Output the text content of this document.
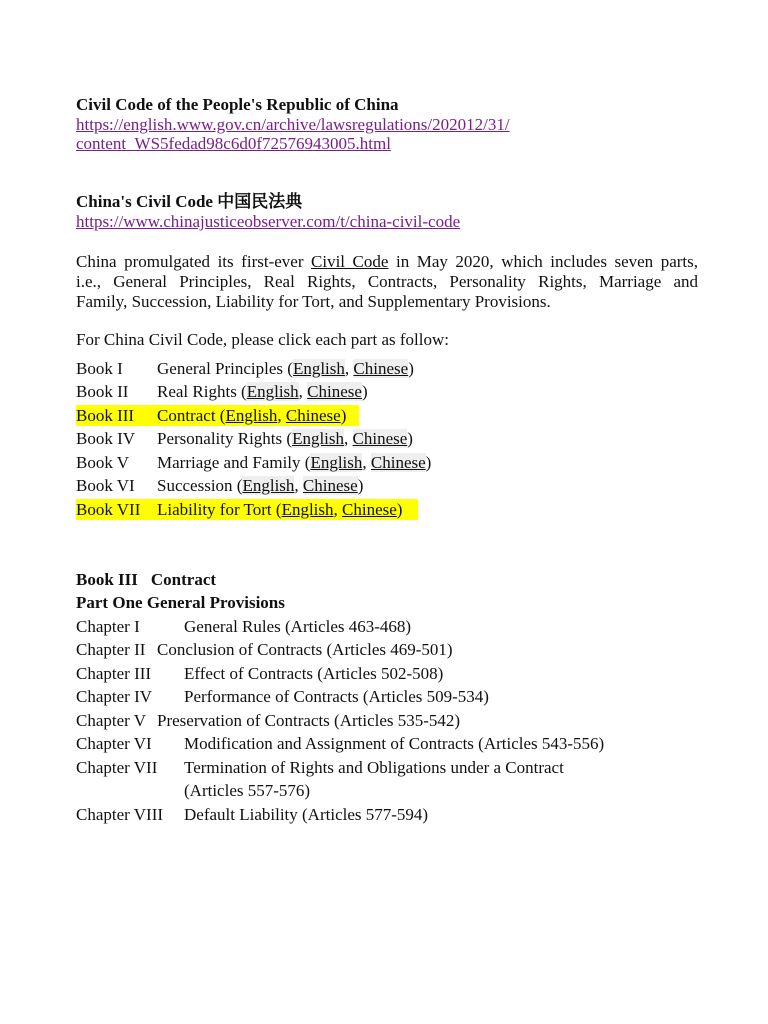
Civil Code of the People's Republic of China
https://english.www.gov.cn/archive/lawsregulations/202012/31/
content_WS5fedad98c6d0f72576943005.html
China's Civil Code 中国民法典
https://www.chinajusticeobserver.com/t/china-civil-code
China promulgated its first-ever Civil Code in May 2020, which includes seven parts,
i.e., General Principles, Real Rights, Contracts, Personality Rights, Marriage and
Family, Succession, Liability for Tort, and Supplementary Provisions.
For China Civil Code, please click each part as follow:
Book I General Principles (English, Chinese)
Book II Real Rights (English, Chinese)
Book III Contract (English, Chinese)
Book IV Personality Rights (English, Chinese)
Book V Marriage and Family (English, Chinese)
Book VI Succession (English, Chinese)
Book VII Liability for Tort (English, Chinese)
Book III Contract
Part One General Provisions
Chapter I	General Rules (Articles 463-468)
Chapter II Conclusion of Contracts (Articles 469-501)
Chapter III Effect of Contracts (Articles 502-508)
Chapter IV Performance of Contracts (Articles 509-534)
Chapter V Preservation of Contracts (Articles 535-542)
Chapter VI Modification and Assignment of Contracts (Articles 543-556)
Chapter VII Termination of Rights and Obligations under a Contract
(Articles 557-576)
Chapter VIII Default Liability (Articles 577-594)
